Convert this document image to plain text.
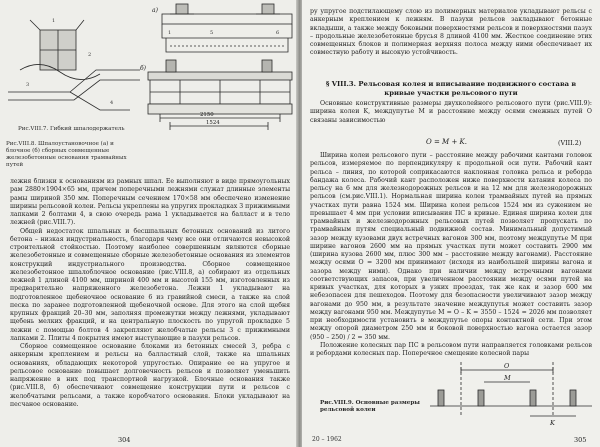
1
2
3
4
а)
1	5	6
б)
2150
1524
Рис.VIII.7. Гибкий шпалодержатель
Рис.VIII.8. Шпалоустановочное (а) и блочное (б) сборных совмещенные железобетонные основания трамвайных путей

лежня близки к основаниям из рамных шпал. Ее выполняют в виде прямоугольных рам 2880×1904×65 мм, причем поперечными лежнями служат длинные элементы рамы шириной 350 мм. Поперечным сечением 170×58 мм обеспечено изменение ширины рельсовой колеи. Рельсы укреплены на упругих прокладках 3 прижимными лапками 2 болтами 4, в свою очередь рама 1 укладывается на балласт и в тело лежней (рис.VIII.7).

Общей недостаток шпальных и бесшпальных бетонных оснований из литого бетона – низкая индустриальность, благодаря чему все они отличаются невысокой строительной стойкостью. Поэтому наиболее совершенным являются сборные железобетонные и совмещенные сборные железобетонные основания из элементов конструкций индустриального производства. Сборное совмещенное железобетонное шпалоблочное основание (рис.VIII.8, а) собирают из отдельных лежней 1 длиной 4100 мм, шириной 400 мм и высотой 155 мм, изготовленных из предварительно напряженного железобетона. Лежни 1 укладывают на подготовленное щебеночное основание 6 из гравийной смеси, а также на слой песка по заранее подготовленной щебеночной основе. Для этого на слой щебня крупных фракций 20–30 мм, заполняя промежутки между лежнями, укладывают щебень мелких фракций, и на центральную плоскость по упругой прокладке 5 лежни с помощью болтов 4 закрепляют желобчатые рельсы 3 с прижимными лапками 2. Плиты 4 покрытия имеют выступающие в пазухи рельсов.

Сборное совмещенное основание блоками из бетонных смесей 3, ребра с анкерным креплением и рельсы на балластный слой, также на шпальных основаниях, обладающих некоторой упругостью. Опирание ее на упругое и рельсовое основание повышает долговечность рельсов и позволяет уменьшить напряжение в них под транспортной нагрузкой. Блочные основания также (рис.VIII.8, б) обеспечивают совмещение конструкции пути и рельсов с желобчатыми рельсами, а также коробчатого основания. Блоки укладывают на песчаное основание.

304

ру упругое подстилающему слою из полимерных материалов укладывают рельсы с анкерным креплением к лежням. В пазухи рельсов закладывают бетонные вкладыши, а также между боковыми поверхностями рельсов и поверхностями пазух – продольные железобетонные брусья 8 длиной 4100 мм. Жесткое соединение этих совмещенных блоков и полимерная верхняя полоса между ними обеспечивает их совместную работу и высокую устойчивость.

§ VIII.3. Рельсовая колея и вписывание подвижного состава в кривые участки рельсового пути

Основные конструктивные размеры двухколейного рельсового пути (рис.VIII.9): ширина колеи K, междупутье M и расстояние между осями смежных путей O связаны зависимостью

O = M + K.	(VIII.2)

Ширина колеи рельсового пути – расстояние между рабочими кантами головок рельсов, измеряемое по перпендикуляру к продольной оси пути. Рабочий кант рельса – линия, по которой соприкасаются наклонная головка рельса и реборда бандажа колеса. Рабочий кант расположен ниже поверхности катания колеса по рельсу на 6 мм для железнодорожных рельсов и на 12 мм для железнодорожных рельсов (см.рис.VIII.1). Нормальная ширина колеи трамвайных путей на прямых участках пути равна 1524 мм. Ширина колеи рельсов 1524 мм из сужением не превышает 4 мм при условии вписывания ПС в кривые. Единая ширина колеи для трамвайных и железнодорожных рельсовых путей позволяет пропускать по трамвайным путям специальный подвижной состав. Минимальный допустимый зазор между кузовами двух встречных вагонов 300 мм, поэтому междупутье M при ширине вагонов 2600 мм на прямых участках пути может составить 2900 мм (ширина кузова 2600 мм, плюс 300 мм – расстояние между вагонами). Расстояние между осями O = 3200 мм принимают (исходя из наибольшей ширины вагона и зазора между ними). Однако при наличии между встречными вагонами соответствующих запасов, при увеличенном расстоянии между осями путей на кривых участках, для которых в узких проездах, так же как и зазор 600 мм небезопасен для пешеходов. Поэтому для безопасности увеличивают зазор между вагонами до 950 мм, в результате значение междупутья может составить зазор между вагонами 950 мм. Междупутье M = O – K = 3550 – 1524 = 2026 мм позволяет при необходимости установить в междупутье опоры контактной сети. При этом между опорой диаметром 250 мм и боковой поверхностью вагона остается зазор (950 – 250) / 2 = 350 мм.

Положение колесных пар ПС в рельсовом пути направляется головками рельсов и ребордами колесных пар. Поперечное смещение колесной пары

O
M
K
Рис.VIII.9. Основные размеры рельсовой колеи
20 – 1962	305
